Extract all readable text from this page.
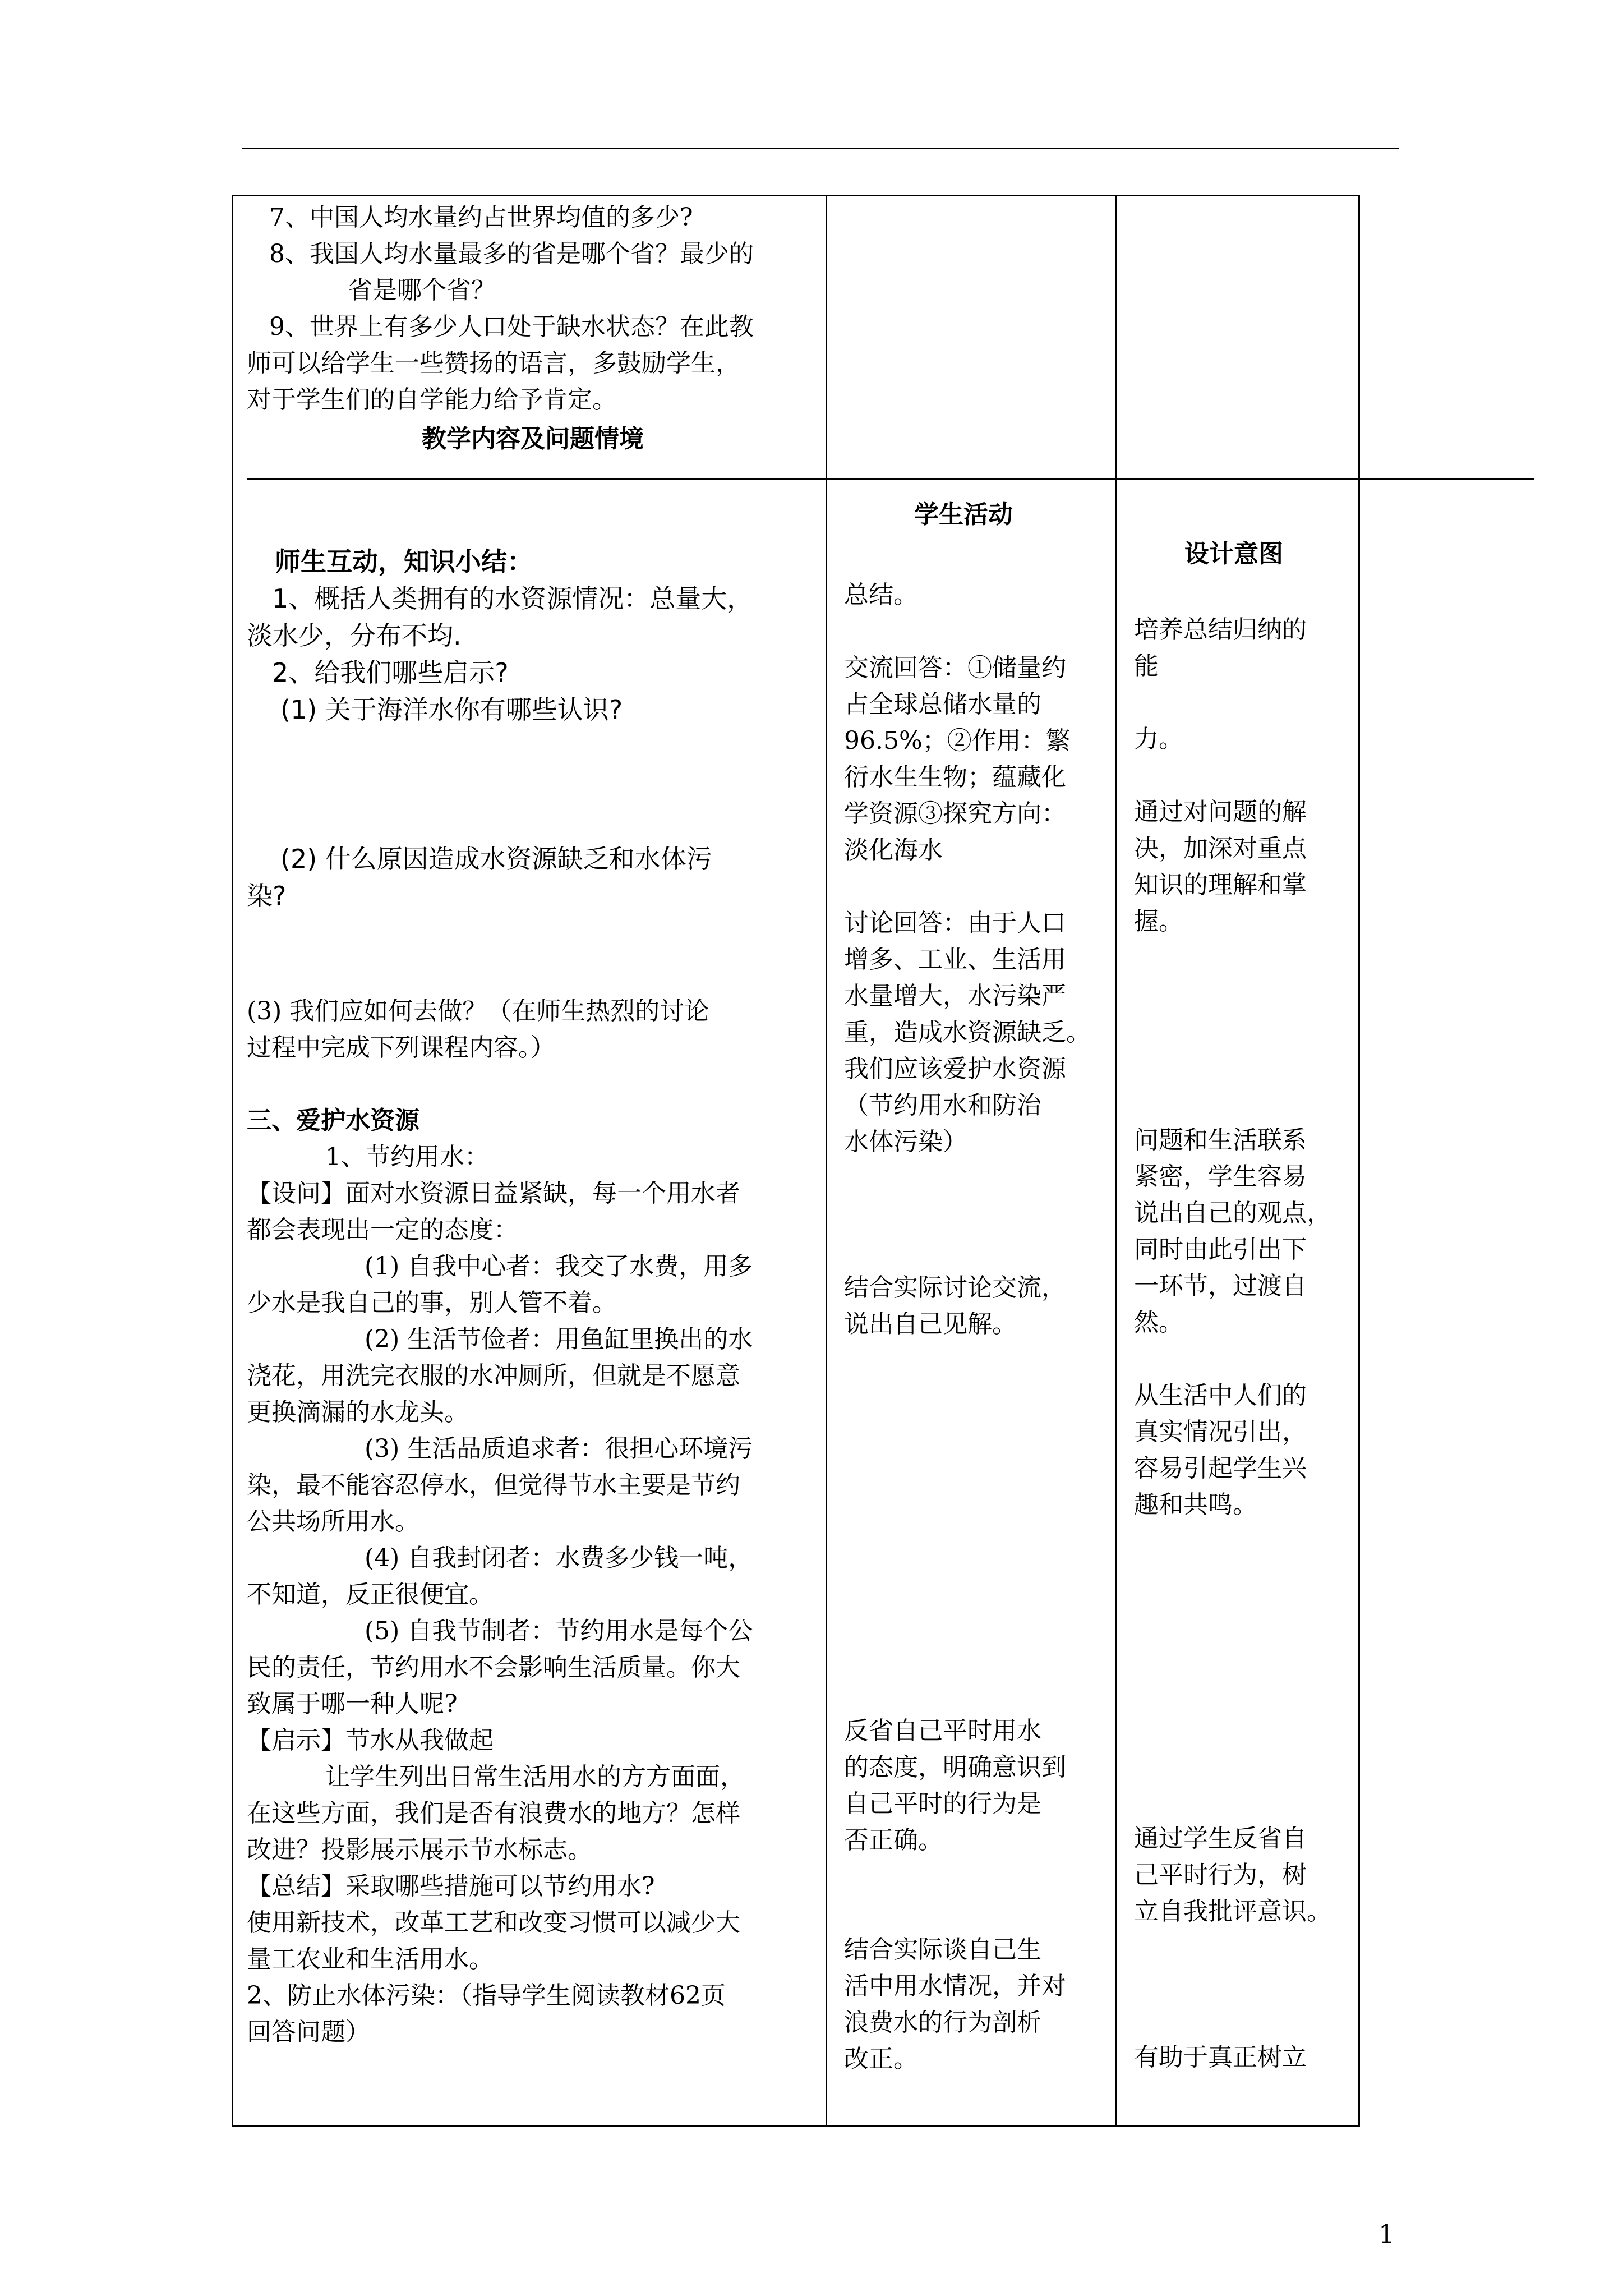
7、中国人均水量约占世界均值的多少?

8、我国人均水量最多的省是哪个省？最少的

省是哪个省？

9、世界上有多少人口处于缺水状态？在此教

师可以给学生一些赞扬的语言，多鼓励学生，

对于学生们的自学能力给予肯定。

教学内容及问题情境

学生活动
设计意图

师生互动，知识小结：

1、概括人类拥有的水资源情况：总量大，

淡水少，分布不均.

2、给我们哪些启示?

(1) 关于海洋水你有哪些认识?

(2) 什么原因造成水资源缺乏和水体污

染?

(3) 我们应如何去做？（在师生热烈的讨论

过程中完成下列课程内容。）

三、爱护水资源

1、节约用水：

【设问】面对水资源日益紧缺，每一个用水者

都会表现出一定的态度：

(1) 自我中心者：我交了水费，用多

少水是我自己的事，别人管不着。

(2) 生活节俭者：用鱼缸里换出的水

浇花，用洗完衣服的水冲厕所，但就是不愿意

更换滴漏的水龙头。

(3) 生活品质追求者：很担心环境污

染，最不能容忍停水，但觉得节水主要是节约

公共场所用水。

(4) 自我封闭者：水费多少钱一吨，

不知道，反正很便宜。

(5) 自我节制者：节约用水是每个公

民的责任，节约用水不会影响生活质量。你大

致属于哪一种人呢?

【启示】节水从我做起

让学生列出日常生活用水的方方面面，

在这些方面，我们是否有浪费水的地方？怎样

改进？投影展示展示节水标志。

【总结】采取哪些措施可以节约用水?

使用新技术，改革工艺和改变习惯可以减少大

量工农业和生活用水。

2、防止水体污染：（指导学生阅读教材62页

回答问题）

总结。

交流回答：①储量约

占全球总储水量的

96.5%；②作用：繁

衍水生生物；蕴藏化

学资源③探究方向：

淡化海水

讨论回答：由于人口

增多、工业、生活用

水量增大，水污染严

重，造成水资源缺乏。

我们应该爱护水资源

（节约用水和防治

水体污染）

结合实际讨论交流，

说出自己见解。

反省自己平时用水

的态度，明确意识到

自己平时的行为是

否正确。

结合实际谈自己生

活中用水情况，并对

浪费水的行为剖析

改正。

培养总结归纳的

能

力。

通过对问题的解

决，加深对重点

知识的理解和掌

握。

问题和生活联系

紧密，学生容易

说出自己的观点，

同时由此引出下

一环节，过渡自

然。

从生活中人们的

真实情况引出，

容易引起学生兴

趣和共鸣。

通过学生反省自

己平时行为，树

立自我批评意识。

有助于真正树立

1
